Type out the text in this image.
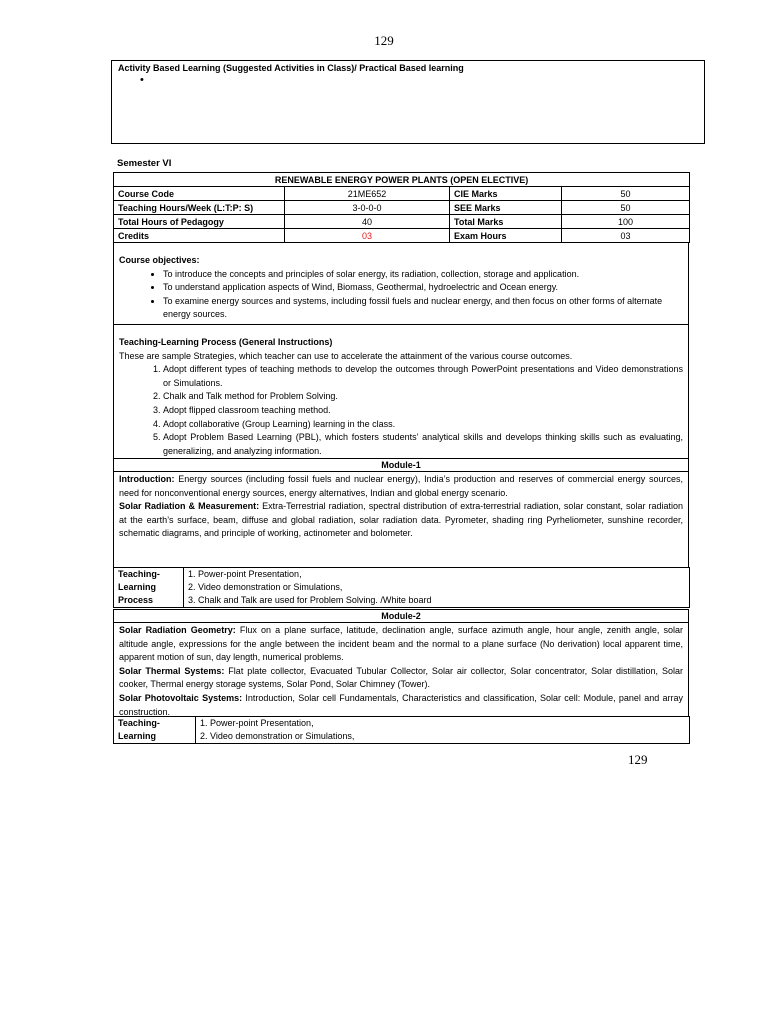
129
Activity Based Learning (Suggested Activities in Class)/ Practical Based learning
•
Semester VI
RENEWABLE ENERGY POWER PLANTS (OPEN ELECTIVE)			
Course Code	21ME652	CIE Marks	50
Teaching Hours/Week (L:T:P: S)	3-0-0-0	SEE Marks	50
Total Hours of Pedagogy	40	Total Marks	100
Credits	03	Exam Hours	03
Course objectives:
• To introduce the concepts and principles of solar energy, its radiation, collection, storage and application.
• To understand application aspects of Wind, Biomass, Geothermal, hydroelectric and Ocean energy.
• To examine energy sources and systems, including fossil fuels and nuclear energy, and then focus on other forms of alternate energy sources.
Teaching-Learning Process (General Instructions)
These are sample Strategies, which teacher can use to accelerate the attainment of the various course outcomes.
1. Adopt different types of teaching methods to develop the outcomes through PowerPoint presentations and Video demonstrations or Simulations.
2. Chalk and Talk method for Problem Solving.
3. Adopt flipped classroom teaching method.
4. Adopt collaborative (Group Learning) learning in the class.
5. Adopt Problem Based Learning (PBL), which fosters students’ analytical skills and develops thinking skills such as evaluating, generalizing, and analyzing information.
Module-1

Introduction: Energy sources (including fossil fuels and nuclear energy), India’s production and reserves of commercial energy sources, need for nonconventional energy sources, energy alternatives, Indian and global energy scenario.

Solar Radiation & Measurement: Extra-Terrestrial radiation, spectral distribution of extra-terrestrial radiation, solar constant, solar radiation at the earth’s surface, beam, diffuse and global radiation, solar radiation data. Pyrometer, shading ring Pyrheliometer, sunshine recorder, schematic diagrams, and principle of working, actinometer and bolometer.

Teaching-
Learning
Process

1. Power-point Presentation,
2. Video demonstration or Simulations,
3. Chalk and Talk are used for Problem Solving. /White board
Module-2

Solar Radiation Geometry: Flux on a plane surface, latitude, declination angle, surface azimuth angle, hour angle, zenith angle, solar altitude angle, expressions for the angle between the incident beam and the normal to a plane surface (No derivation) local apparent time, apparent motion of sun, day length, numerical problems.

Solar Thermal Systems: Flat plate collector, Evacuated Tubular Collector, Solar air collector, Solar concentrator, Solar distillation, Solar cooker, Thermal energy storage systems, Solar Pond, Solar Chimney (Tower).

Solar Photovoltaic Systems: Introduction, Solar cell Fundamentals, Characteristics and classification, Solar cell: Module, panel and array construction.

Teaching-
Learning

1. Power-point Presentation,
2. Video demonstration or Simulations,
129
